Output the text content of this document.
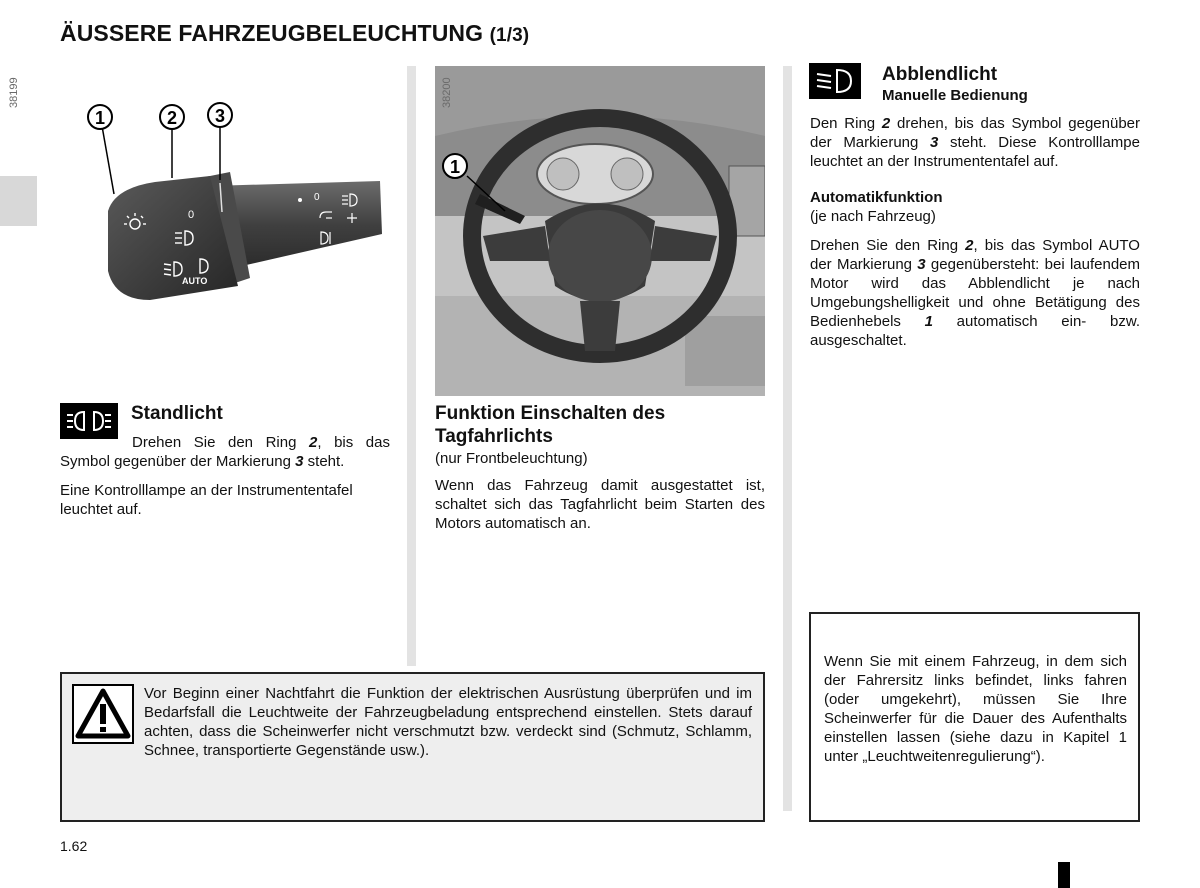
ÄUSSERE FAHRZEUGBELEUCHTUNG (1/3)
0
AUTO
0
1	2 3
38199
1
38200
Standlicht
Drehen Sie den Ring 2, bis das Symbol gegenüber der Markierung 3 steht.
Eine Kontrolllampe an der Instrumententafel leuchtet auf.
Funktion Einschalten des Tagfahrlichts
(nur Frontbeleuchtung)
Wenn das Fahrzeug damit ausgestattet ist, schaltet sich das Tagfahrlicht beim Starten des Motors automatisch an.
Abblendlicht
Manuelle Bedienung
Den Ring 2 drehen, bis das Symbol gegenüber der Markierung 3 steht. Diese Kontrolllampe leuchtet an der Instrumententafel auf.
Automatikfunktion
(je nach Fahrzeug)
Drehen Sie den Ring 2, bis das Symbol AUTO der Markierung 3 gegenübersteht: bei laufendem Motor wird das Abblendlicht je nach Umgebungshelligkeit und ohne Betätigung des Bedienhebels 1 automatisch ein- bzw. ausgeschaltet.
Vor Beginn einer Nachtfahrt die Funktion der elektrischen Ausrüstung überprüfen und im Bedarfsfall die Leuchtweite der Fahrzeugbeladung entsprechend einstellen. Stets darauf achten, dass die Scheinwerfer nicht verschmutzt bzw. verdeckt sind (Schmutz, Schlamm, Schnee, transportierte Gegenstände usw.).
Wenn Sie mit einem Fahrzeug, in dem sich der Fahrersitz links befindet, links fahren (oder umgekehrt), müssen Sie Ihre Scheinwerfer für die Dauer des Aufenthalts einstellen lassen (siehe dazu in Kapitel 1 unter „Leuchtweitenregulierung“).
1.62
